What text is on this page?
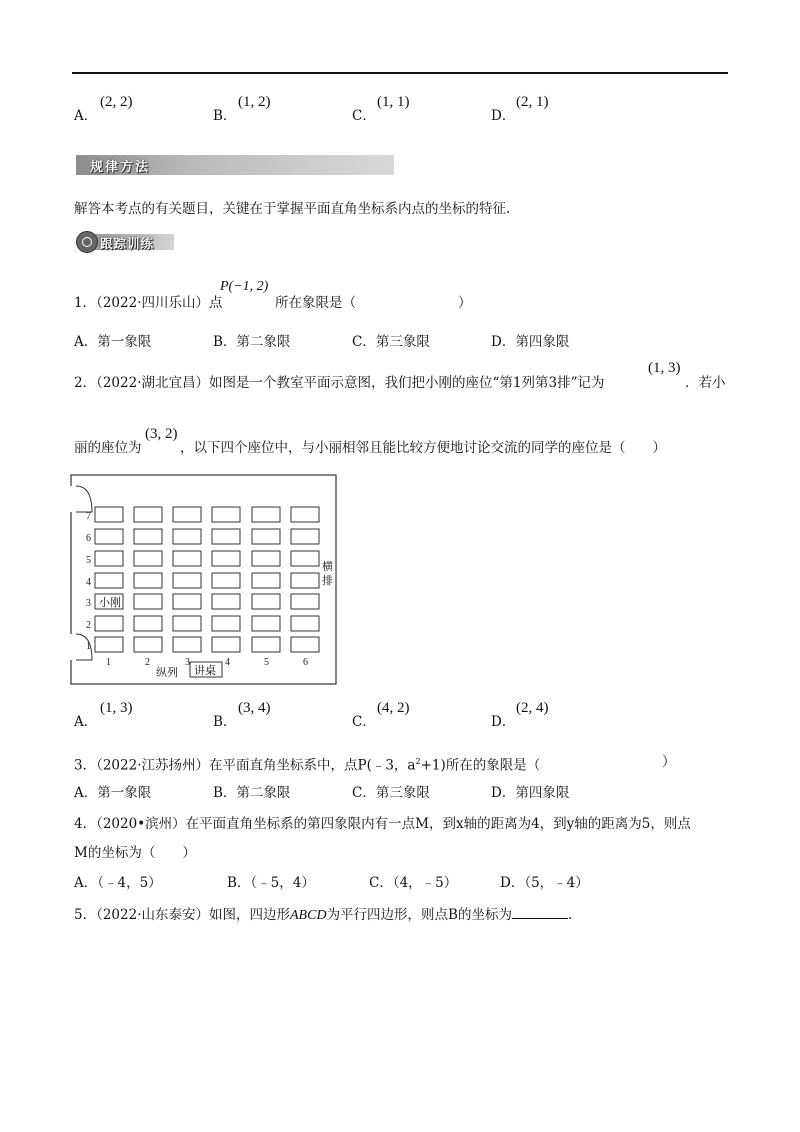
A．
(2, 2)
B．
(1, 2)
C．
(1, 1)
D．
(2, 1)
规律方法
解答本考点的有关题目，关键在于掌握平面直角坐标系内点的坐标的特征.
跟踪训练
1．（2022·四川乐山）点
P(−1, 2)
所在象限是（	）
A．第一象限	B．第二象限	C．第三象限	D．第四象限
2．（2022·湖北宜昌）如图是一个教室平面示意图，我们把小刚的座位“第1列第3排”记为
(1, 3)
．若小
丽的座位为
(3, 2)
，以下四个座位中，与小丽相邻且能比较方便地讨论交流的同学的座位是（　　）
7
6
5
4
3
2
1
小刚
1	2	3	4	5	6
横
排
纵列 讲桌
A．
(1, 3)
B．
(3, 4)
C．
(4, 2)
D．
(2, 4)
3．（2022·江苏扬州）在平面直角坐标系中，点P(﹣3，$a^2+1$)所在的象限是（	）
A．第一象限	B．第二象限	C．第三象限	D．第四象限
4．（2020•滨州）在平面直角坐标系的第四象限内有一点M，到x轴的距离为4，到y轴的距离为5，则点
M的坐标为（　　）
A．（﹣4，5）	B．（﹣5，4）	C．（4，﹣5）	D．（5，﹣4）
5．（2022·山东泰安）如图，四边形ABCD为平行四边形，则点B的坐标为	.
